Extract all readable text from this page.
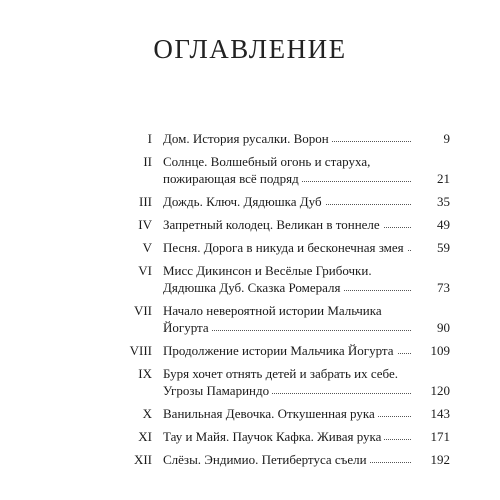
ОГЛАВЛЕНИЕ
I Дом. История русалки. Ворон	9
II Солнце. Волшебный огонь и старуха,
пожирающая всё подряд	21
III Дождь. Ключ. Дядюшка Дуб	35
IV Запретный колодец. Великан в тоннеле	49
V Песня. Дорога в никуда и бесконечная змея	59
VI Мисс Дикинсон и Весёлые Грибочки.
Дядюшка Дуб. Сказка Ромераля	73
VII Начало невероятной истории Мальчика
Йогурта	90
VIII Продолжение истории Мальчика Йогурта	109
IX Буря хочет отнять детей и забрать их себе.
Угрозы Памариндо	120
X Ванильная Девочка. Откушенная рука	143
XI Тау и Майя. Паучок Кафка. Живая рука	171
XII Слёзы. Эндимио. Петибертуса съели	192
